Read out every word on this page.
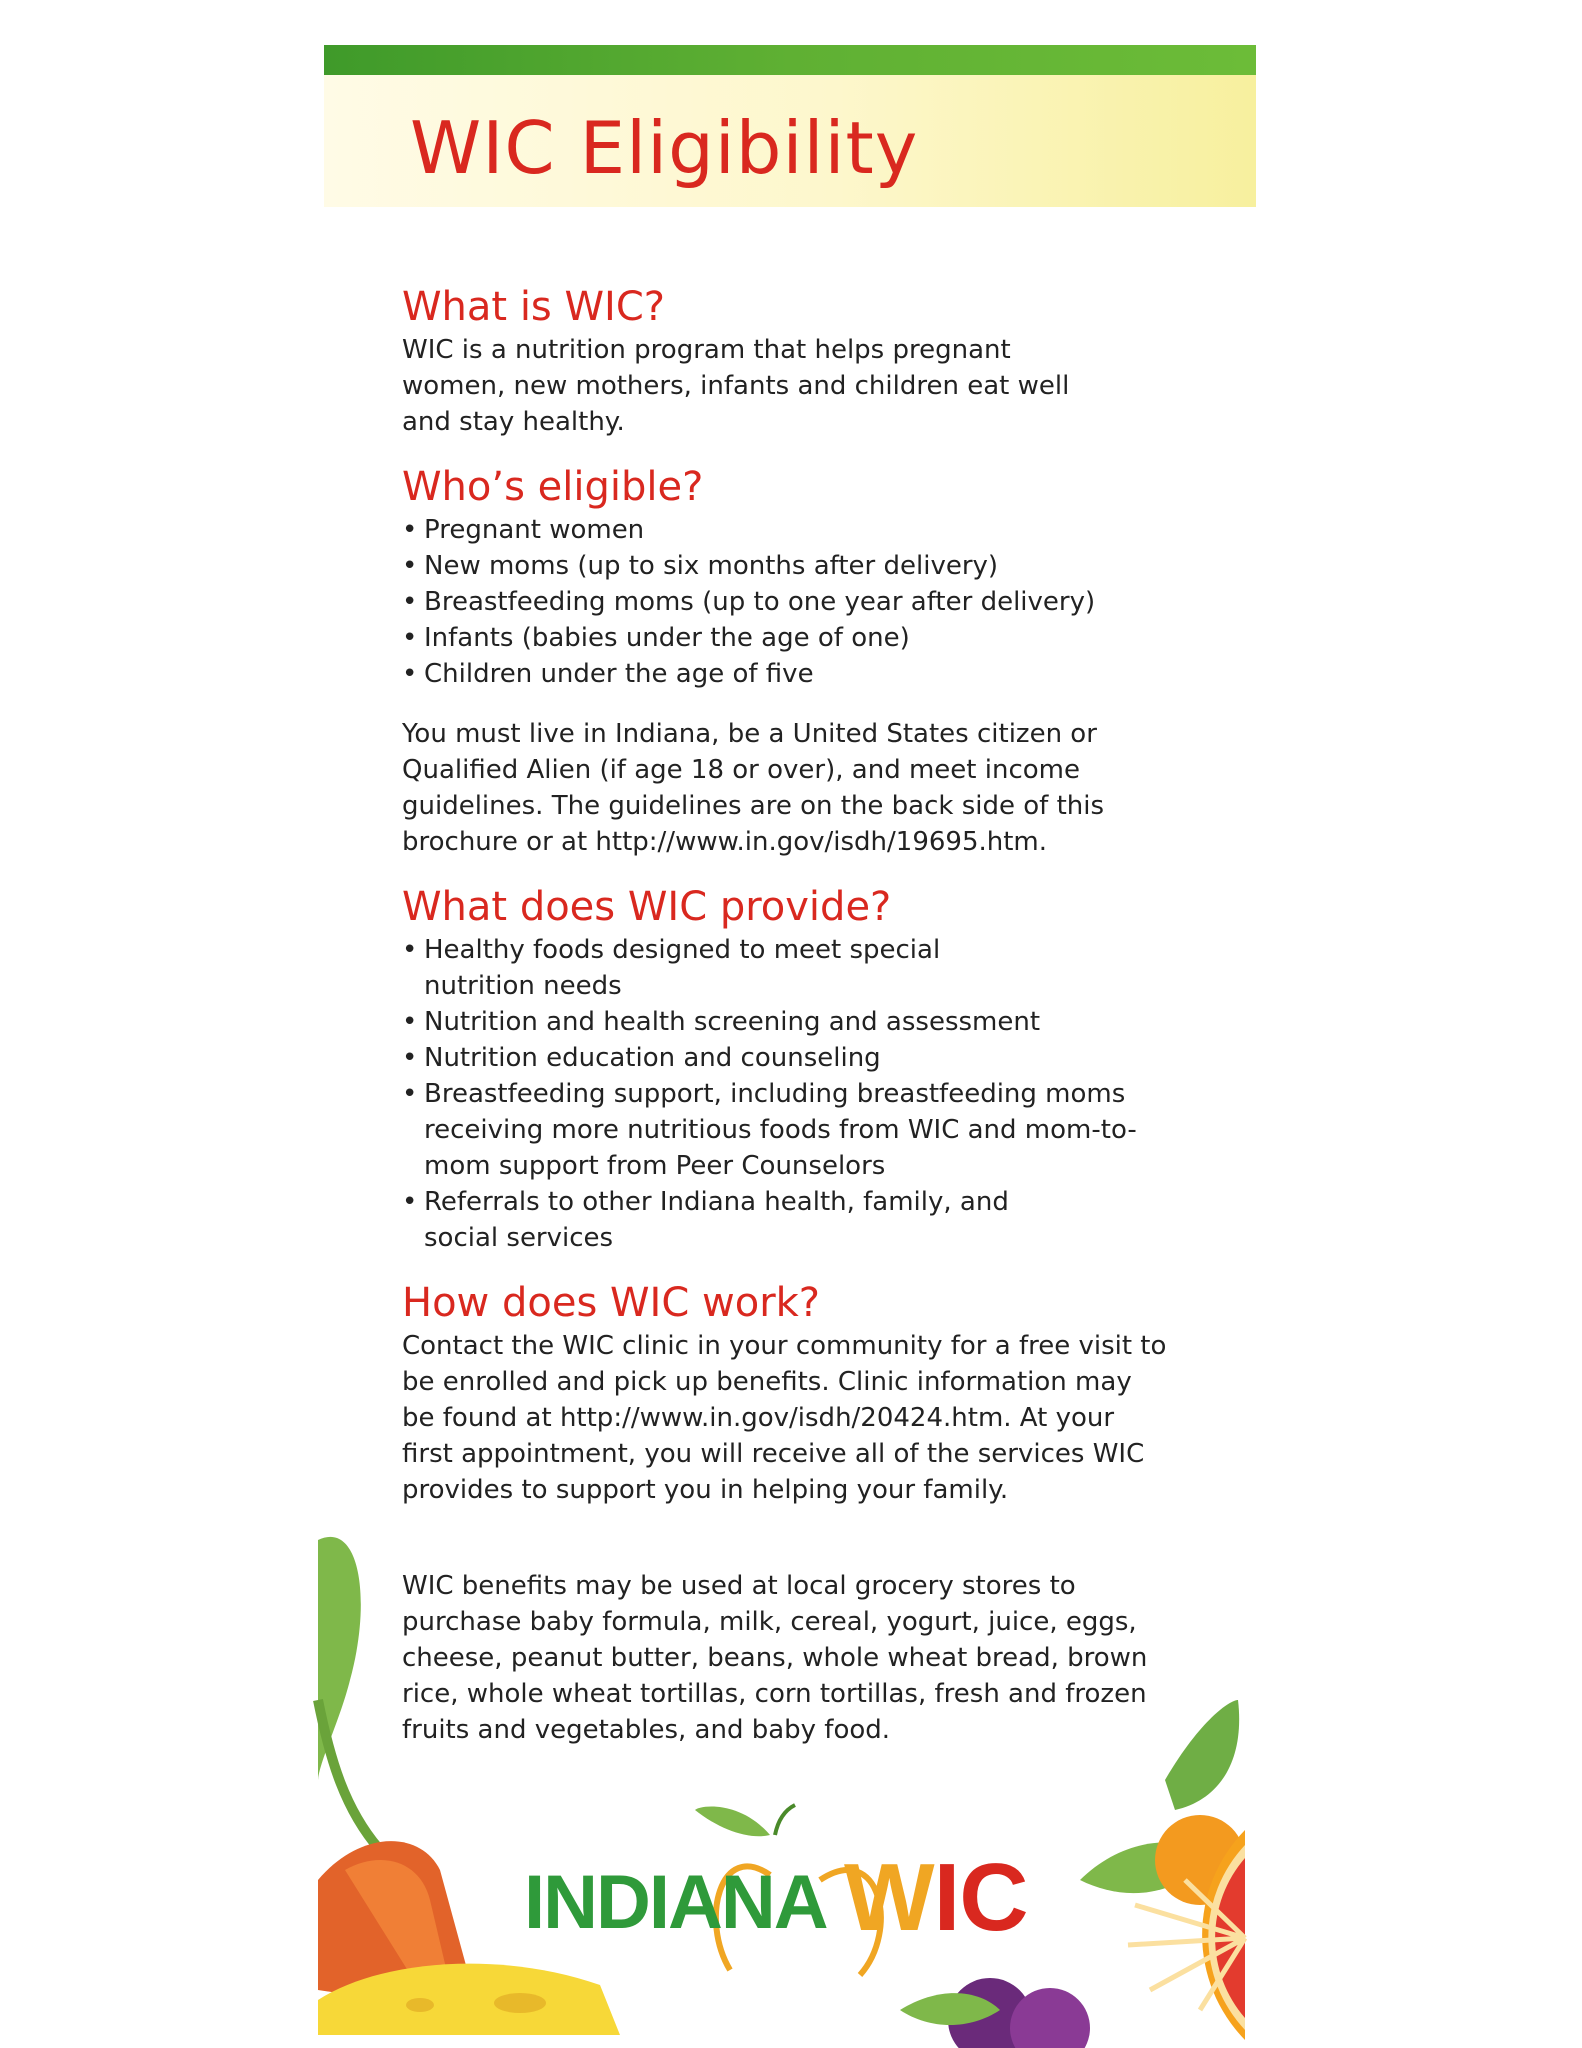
WIC Eligibility
What is WIC?

WIC is a nutrition program that helps pregnant women, new mothers, infants and children eat well and stay healthy.

Who’s eligible?
• Pregnant women
• New moms (up to six months after delivery)
• Breastfeeding moms (up to one year after delivery)
• Infants (babies under the age of one)
• Children under the age of five

You must live in Indiana, be a United States citizen or Qualified Alien (if age 18 or over), and meet income guidelines. The guidelines are on the back side of this brochure or at http://www.in.gov/isdh/19695.htm.

What does WIC provide?
• Healthy foods designed to meet special nutrition needs
• Nutrition and health screening and assessment
• Nutrition education and counseling
• Breastfeeding support, including breastfeeding moms receiving more nutritious foods from WIC and mom-to-mom support from Peer Counselors
• Referrals to other Indiana health, family, and social services
How does WIC work?

Contact the WIC clinic in your community for a free visit to be enrolled and pick up benefits. Clinic information may be found at http://www.in.gov/isdh/20424.htm. At your first appointment, you will receive all of the services WIC provides to support you in helping your family.

WIC benefits may be used at local grocery stores to purchase baby formula, milk, cereal, yogurt, juice, eggs, cheese, peanut butter, beans, whole wheat bread, brown rice, whole wheat tortillas, corn tortillas, fresh and frozen fruits and vegetables, and baby food.

INDIANA WIC
